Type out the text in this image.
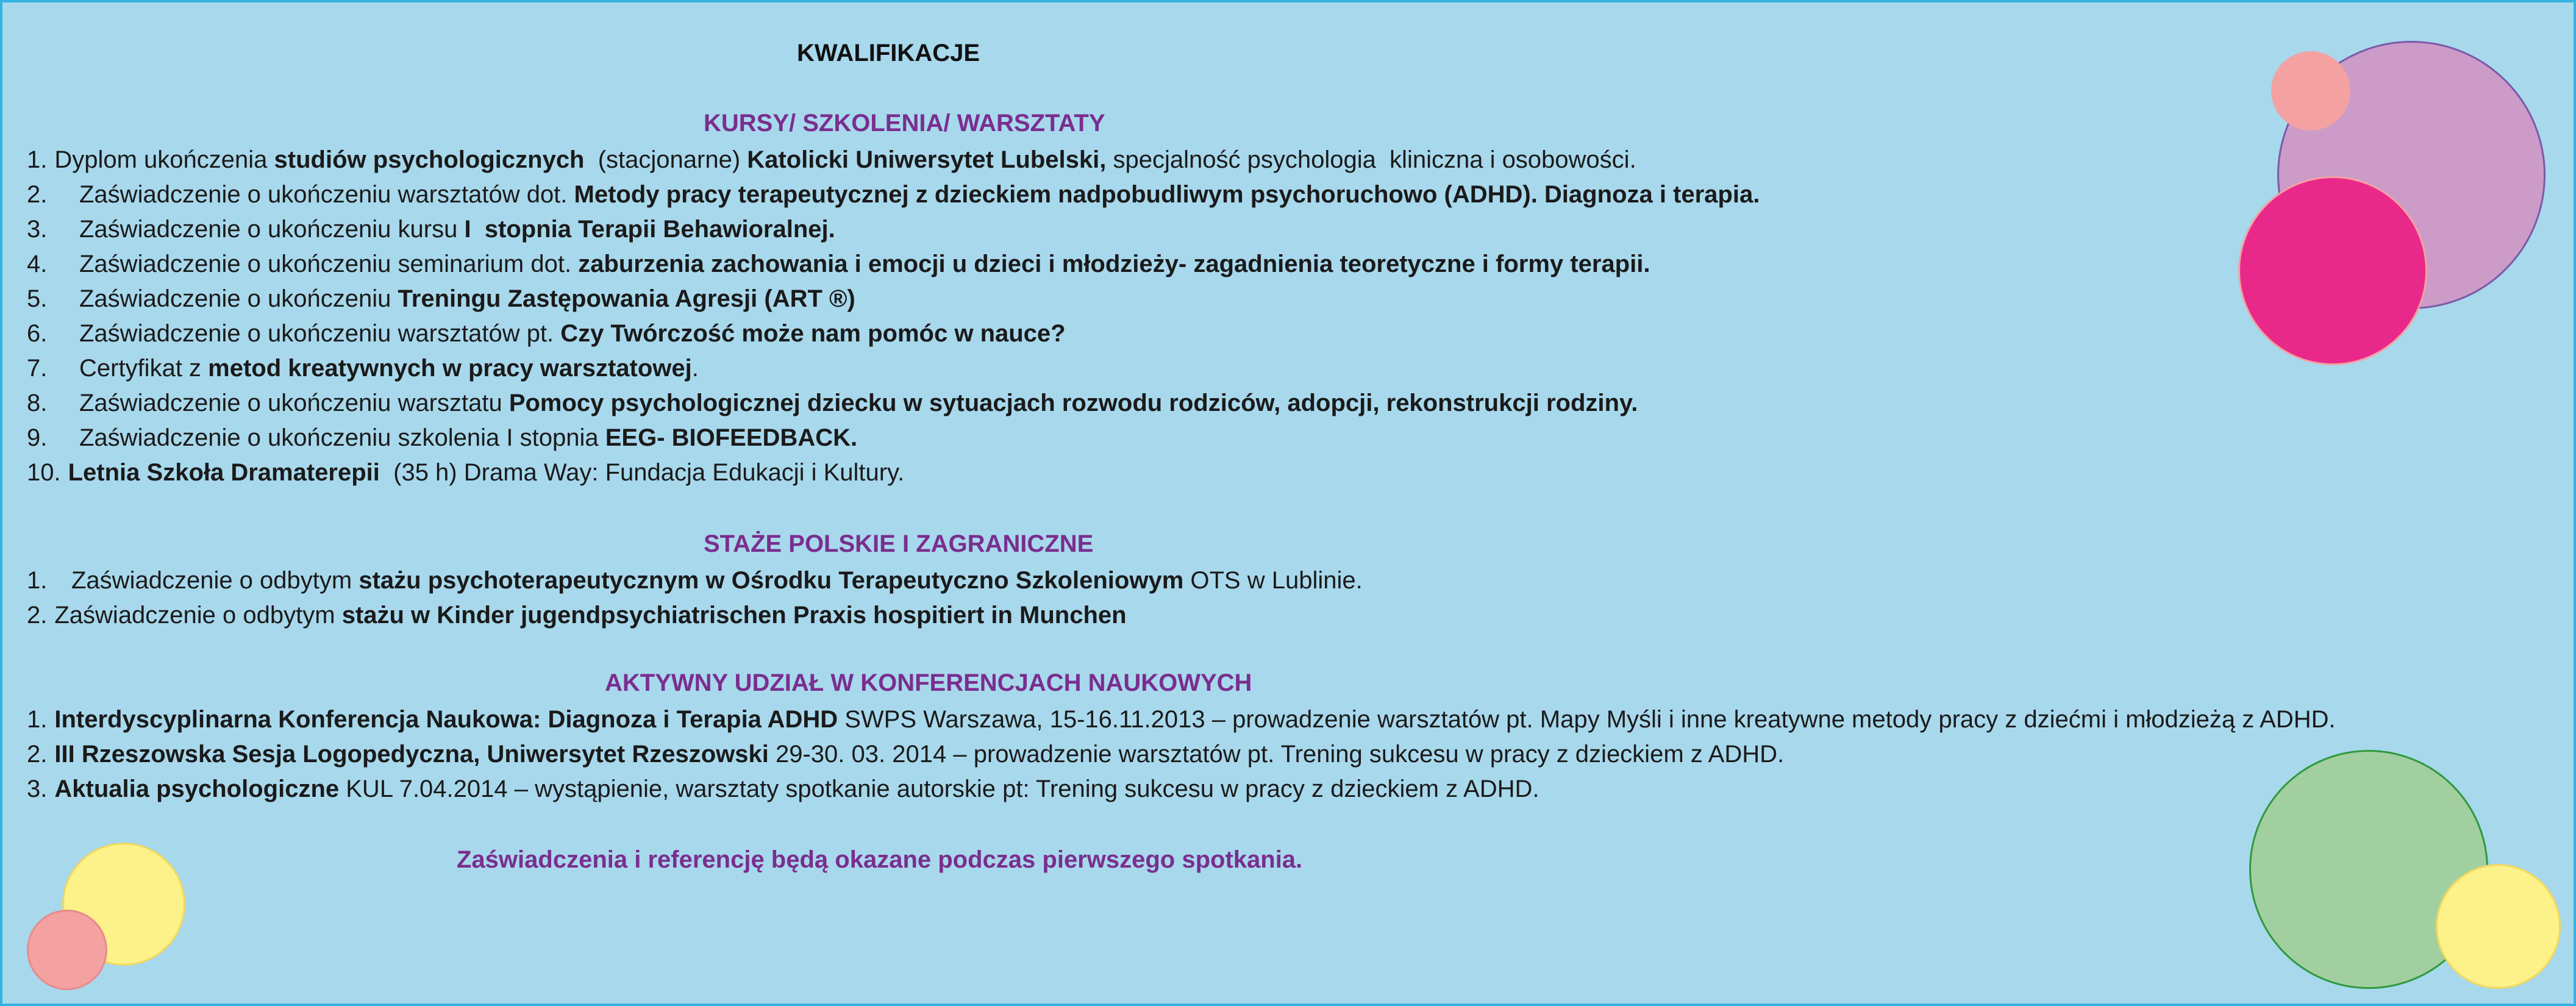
KWALIFIKACJE
KURSY/ SZKOLENIA/ WARSZTATY
STAŻE POLSKIE I ZAGRANICZNE
AKTYWNY UDZIAŁ W KONFERENCJACH NAUKOWYCH
1. Dyplom ukończenia studiów psychologicznych  (stacjonarne) Katolicki Uniwersytet Lubelski, specjalność psychologia  kliniczna i osobowości.
2. Zaświadczenie o ukończeniu warsztatów dot. Metody pracy terapeutycznej z dzieckiem nadpobudliwym psychoruchowo (ADHD). Diagnoza i terapia.
3. Zaświadczenie o ukończeniu kursu I  stopnia Terapii Behawioralnej.
4. Zaświadczenie o ukończeniu seminarium dot. zaburzenia zachowania i emocji u dzieci i młodzieży- zagadnienia teoretyczne i formy terapii.
5. Zaświadczenie o ukończeniu Treningu Zastępowania Agresji (ART ®)
6. Zaświadczenie o ukończeniu warsztatów pt. Czy Twórczość może nam pomóc w nauce?
7. Certyfikat z metod kreatywnych w pracy warsztatowej.
8. Zaświadczenie o ukończeniu warsztatu Pomocy psychologicznej dziecku w sytuacjach rozwodu rodziców, adopcji, rekonstrukcji rodziny.
9. Zaświadczenie o ukończeniu szkolenia I stopnia EEG- BIOFEEDBACK.
10. Letnia Szkoła Dramaterepii  (35 h) Drama Way: Fundacja Edukacji i Kultury.
1. Zaświadczenie o odbytym stażu psychoterapeutycznym w Ośrodku Terapeutyczno Szkoleniowym OTS w Lublinie.
2. Zaświadczenie o odbytym stażu w Kinder jugendpsychiatrischen Praxis hospitiert in Munchen
1. Interdyscyplinarna Konferencja Naukowa: Diagnoza i Terapia ADHD SWPS Warszawa, 15-16.11.2013 – prowadzenie warsztatów pt. Mapy Myśli i inne kreatywne metody pracy z dziećmi i młodzieżą z ADHD.
2. III Rzeszowska Sesja Logopedyczna, Uniwersytet Rzeszowski 29-30. 03. 2014 – prowadzenie warsztatów pt. Trening sukcesu w pracy z dzieckiem z ADHD.
3. Aktualia psychologiczne KUL 7.04.2014 – wystąpienie, warsztaty spotkanie autorskie pt: Trening sukcesu w pracy z dzieckiem z ADHD.
Zaświadczenia i referencję będą okazane podczas pierwszego spotkania.
